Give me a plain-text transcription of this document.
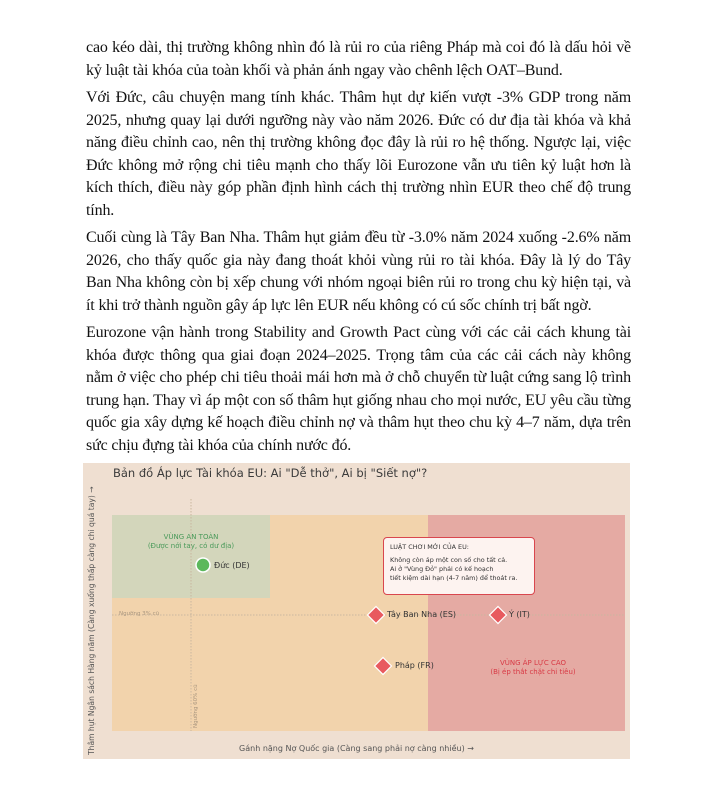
cao kéo dài, thị trường không nhìn đó là rủi ro của riêng Pháp mà coi đó là dấu hỏi về kỷ luật tài khóa của toàn khối và phản ánh ngay vào chênh lệch OAT–Bund.

Với Đức, câu chuyện mang tính khác. Thâm hụt dự kiến vượt -3% GDP trong năm 2025, nhưng quay lại dưới ngưỡng này vào năm 2026. Đức có dư địa tài khóa và khả năng điều chỉnh cao, nên thị trường không đọc đây là rủi ro hệ thống. Ngược lại, việc Đức không mở rộng chi tiêu mạnh cho thấy lõi Eurozone vẫn ưu tiên kỷ luật hơn là kích thích, điều này góp phần định hình cách thị trường nhìn EUR theo chế độ trung tính.

Cuối cùng là Tây Ban Nha. Thâm hụt giảm đều từ -3.0% năm 2024 xuống -2.6% năm 2026, cho thấy quốc gia này đang thoát khỏi vùng rủi ro tài khóa. Đây là lý do Tây Ban Nha không còn bị xếp chung với nhóm ngoại biên rủi ro trong chu kỳ hiện tại, và ít khi trở thành nguồn gây áp lực lên EUR nếu không có cú sốc chính trị bất ngờ.

Eurozone vận hành trong Stability and Growth Pact cùng với các cải cách khung tài khóa được thông qua giai đoạn 2024–2025. Trọng tâm của các cải cách này không nằm ở việc cho phép chi tiêu thoải mái hơn mà ở chỗ chuyển từ luật cứng sang lộ trình trung hạn. Thay vì áp một con số thâm hụt giống nhau cho mọi nước, EU yêu cầu từng quốc gia xây dựng kế hoạch điều chỉnh nợ và thâm hụt theo chu kỳ 4–7 năm, dựa trên sức chịu đựng tài khóa của chính nước đó.

Bản đồ Áp lực Tài khóa EU: Ai "Dễ thở", Ai bị "Siết nợ"?
Thâm hụt Ngân sách Hàng năm (Càng xuống thấp càng chi quá tay) →	Gánh nặng Nợ Quốc gia (Càng sang phải nợ càng nhiều) →
VÙNG AN TOÀN
(Được nới tay, có dư địa)
VÙNG ÁP LỰC CAO
(Bị ép thắt chặt chi tiêu)
Ngưỡng 3% cũ
Ngưỡng 60% cũ
Đức (DE)
Tây Ban Nha (ES)	Ý (IT)
Pháp (FR)
LUẬT CHƠI MỚI CỦA EU:
Không còn áp một con số cho tất cả.
Ai ở "Vùng Đỏ" phải có kế hoạch
tiết kiệm dài hạn (4-7 năm) để thoát ra.
